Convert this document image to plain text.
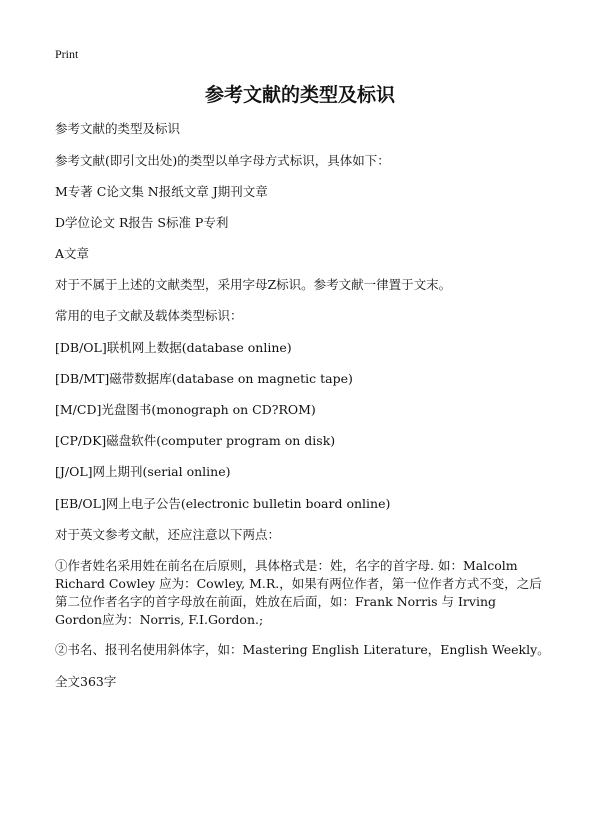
Print
参考文献的类型及标识
参考文献的类型及标识
参考文献(即引文出处)的类型以单字母方式标识，具体如下：
M专著 C论文集 N报纸文章 J期刊文章
D学位论文 R报告 S标准 P专利
A文章
对于不属于上述的文献类型，采用字母Z标识。参考文献一律置于文末。
常用的电子文献及载体类型标识：
[DB/OL]联机网上数据(database online)
[DB/MT]磁带数据库(database on magnetic tape)
[M/CD]光盘图书(monograph on CD?ROM)
[CP/DK]磁盘软件(computer program on disk)
[J/OL]网上期刊(serial online)
[EB/OL]网上电子公告(electronic bulletin board online)
对于英文参考文献，还应注意以下两点：
①作者姓名采用姓在前名在后原则，具体格式是：姓，名字的首字母. 如：Malcolm Richard Cowley 应为：Cowley, M.R.，如果有两位作者，第一位作者方式不变，之后第二位作者名字的首字母放在前面，姓放在后面，如：Frank Norris 与 Irving Gordon应为：Norris, F.I.Gordon.;
②书名、报刊名使用斜体字，如：Mastering English Literature，English Weekly。
全文363字
